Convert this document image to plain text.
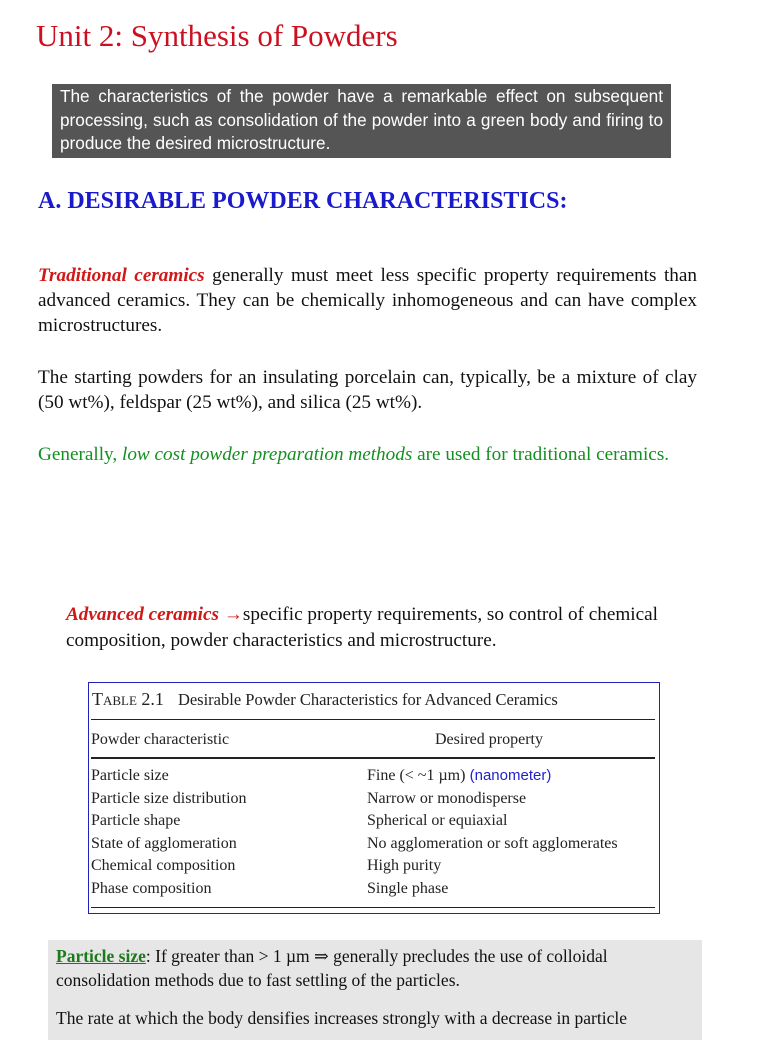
Unit 2: Synthesis of Powders
The characteristics of the powder have a remarkable effect on subsequent processing, such as consolidation of the powder into a green body and firing to produce the desired microstructure.
A. DESIRABLE POWDER CHARACTERISTICS:

Traditional ceramics generally must meet less specific property requirements than advanced ceramics. They can be chemically inhomogeneous and can have complex microstructures.

The starting powders for an insulating porcelain can, typically, be a mixture of clay (50 wt%), feldspar (25 wt%), and silica (25 wt%).

Generally, low cost powder preparation methods are used for traditional ceramics.

Advanced ceramics →specific property requirements, so control of chemical composition, powder characteristics and microstructure.

Table 2.1 Desirable Powder Characteristics for Advanced Ceramics
Powder characteristic	Desired property
Particle size	Fine (< ~1 µm) (nanometer)
Particle size distribution	Narrow or monodisperse
Particle shape	Spherical or equiaxial
State of agglomeration	No agglomeration or soft agglomerates
Chemical composition	High purity
Phase composition	Single phase

Particle size: If greater than > 1 µm ⇒ generally precludes the use of colloidal consolidation methods due to fast settling of the particles.

The rate at which the body densifies increases strongly with a decrease in particle
